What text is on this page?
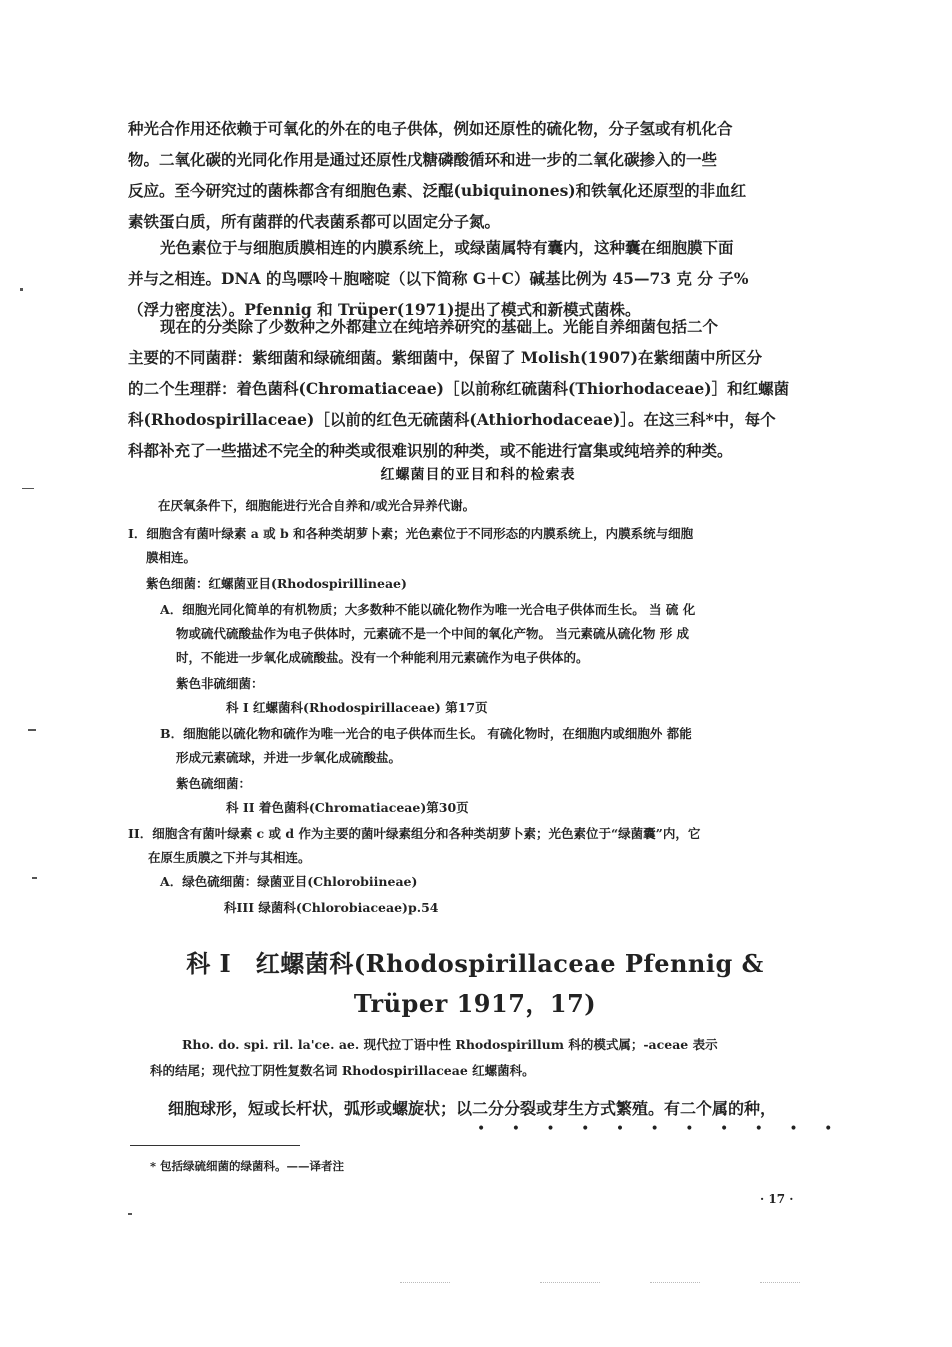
种光合作用还依赖于可氧化的外在的电子供体，例如还原性的硫化物，分子氢或有机化合
物。二氧化碳的光同化作用是通过还原性戊糖磷酸循环和进一步的二氧化碳掺入的一些
反应。至今研究过的菌株都含有细胞色素、泛醌(ubiquinones)和铁氧化还原型的非血红
素铁蛋白质，所有菌群的代表菌系都可以固定分子氮。
光色素位于与细胞质膜相连的内膜系统上，或绿菌属特有囊内，这种囊在细胞膜下面
并与之相连。DNA 的鸟嘌呤＋胞嘧啶（以下简称 G＋C）碱基比例为 45—73 克 分 子%
（浮力密度法）。Pfennig 和 Trüper(1971)提出了模式和新模式菌株。
现在的分类除了少数种之外都建立在纯培养研究的基础上。光能自养细菌包括二个
主要的不同菌群：紫细菌和绿硫细菌。紫细菌中，保留了 Molish(1907)在紫细菌中所区分
的二个生理群：着色菌科(Chromatiaceae)［以前称红硫菌科(Thiorhodaceae)］和红螺菌
科(Rhodospirillaceae)［以前的红色无硫菌科(Athiorhodaceae)］。在这三科*中，每个
科都补充了一些描述不完全的种类或很难识别的种类，或不能进行富集或纯培养的种类。
红螺菌目的亚目和科的检索表
在厌氧条件下，细胞能进行光合自养和/或光合异养代谢。
I．细胞含有菌叶绿素 a 或 b 和各种类胡萝卜素；光色素位于不同形态的内膜系统上，内膜系统与细胞
膜相连。
紫色细菌：红螺菌亚目(Rhodospirillineae)
A．细胞光同化简单的有机物质；大多数种不能以硫化物作为唯一光合电子供体而生长。 当 硫 化
物或硫代硫酸盐作为电子供体时，元素硫不是一个中间的氧化产物。 当元素硫从硫化物 形 成
时，不能进一步氧化成硫酸盐。没有一个种能利用元素硫作为电子供体的。
紫色非硫细菌：
科 I 红螺菌科(Rhodospirillaceae) 第17页
B．细胞能以硫化物和硫作为唯一光合的电子供体而生长。 有硫化物时，在细胞内或细胞外 都能
形成元素硫球，并进一步氧化成硫酸盐。
紫色硫细菌：
科 II 着色菌科(Chromatiaceae)第30页
II．细胞含有菌叶绿素 c 或 d 作为主要的菌叶绿素组分和各种类胡萝卜素；光色素位于“绿菌囊”内，它
在原生质膜之下并与其相连。
A．绿色硫细菌：绿菌亚目(Chlorobiineae)
科III 绿菌科(Chlorobiaceae)p.54
科 I　红螺菌科(Rhodospirillaceae Pfennig &
Trüper 1917，17)
Rho. do. spi. ril. la'ce. ae. 现代拉丁语中性 Rhodospirillum 科的模式属；-aceae 表示
科的结尾；现代拉丁阴性复数名词 Rhodospirillaceae 红螺菌科。
细胞球形，短或长杆状，弧形或螺旋状；以二分分裂或芽生方式繁殖。有二个属的种，
• • • • • • • • • • •
* 包括绿硫细菌的绿菌科。——译者注
· 17 ·
